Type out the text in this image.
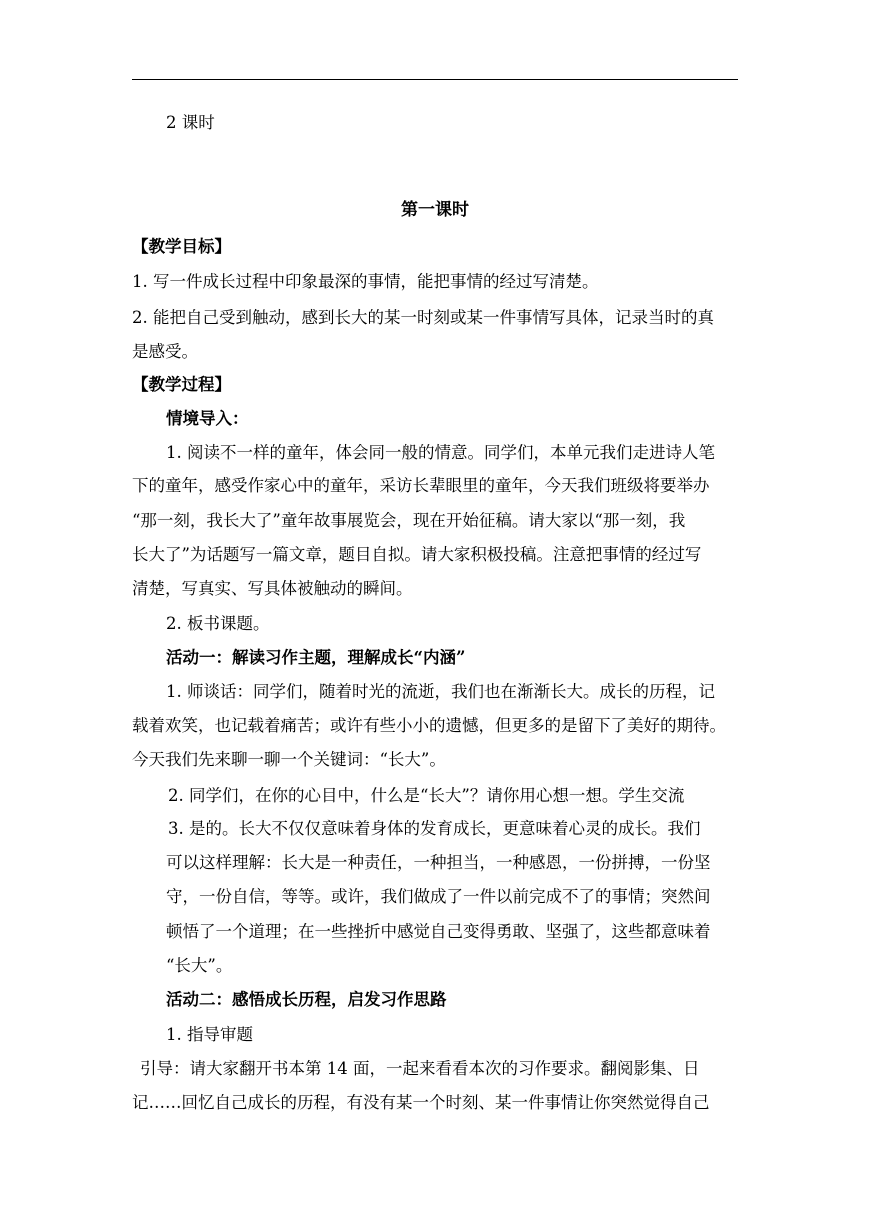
2 课时
第一课时
【教学目标】
1. 写一件成长过程中印象最深的事情，能把事情的经过写清楚。
2. 能把自己受到触动，感到长大的某一时刻或某一件事情写具体，记录当时的真
是感受。
【教学过程】
情境导入：
1. 阅读不一样的童年，体会同一般的情意。同学们，本单元我们走进诗人笔
下的童年，感受作家心中的童年，采访长辈眼里的童年，今天我们班级将要举办
“那一刻，我长大了”童年故事展览会，现在开始征稿。请大家以“那一刻，我
长大了”为话题写一篇文章，题目自拟。请大家积极投稿。注意把事情的经过写
清楚，写真实、写具体被触动的瞬间。
2. 板书课题。
活动一：解读习作主题，理解成长“内涵”
1. 师谈话：同学们，随着时光的流逝，我们也在渐渐长大。成长的历程，记
载着欢笑，也记载着痛苦；或许有些小小的遗憾，但更多的是留下了美好的期待。
今天我们先来聊一聊一个关键词：“长大”。
2. 同学们，在你的心目中，什么是“长大”？请你用心想一想。学生交流
3. 是的。长大不仅仅意味着身体的发育成长，更意味着心灵的成长。我们
可以这样理解：长大是一种责任，一种担当，一种感恩，一份拼搏，一份坚
守，一份自信，等等。或许，我们做成了一件以前完成不了的事情；突然间
顿悟了一个道理；在一些挫折中感觉自己变得勇敢、坚强了，这些都意味着
“长大”。
活动二：感悟成长历程，启发习作思路
1. 指导审题
引导：请大家翻开书本第 14 面，一起来看看本次的习作要求。翻阅影集、日
记……回忆自己成长的历程，有没有某一个时刻、某一件事情让你突然觉得自己
